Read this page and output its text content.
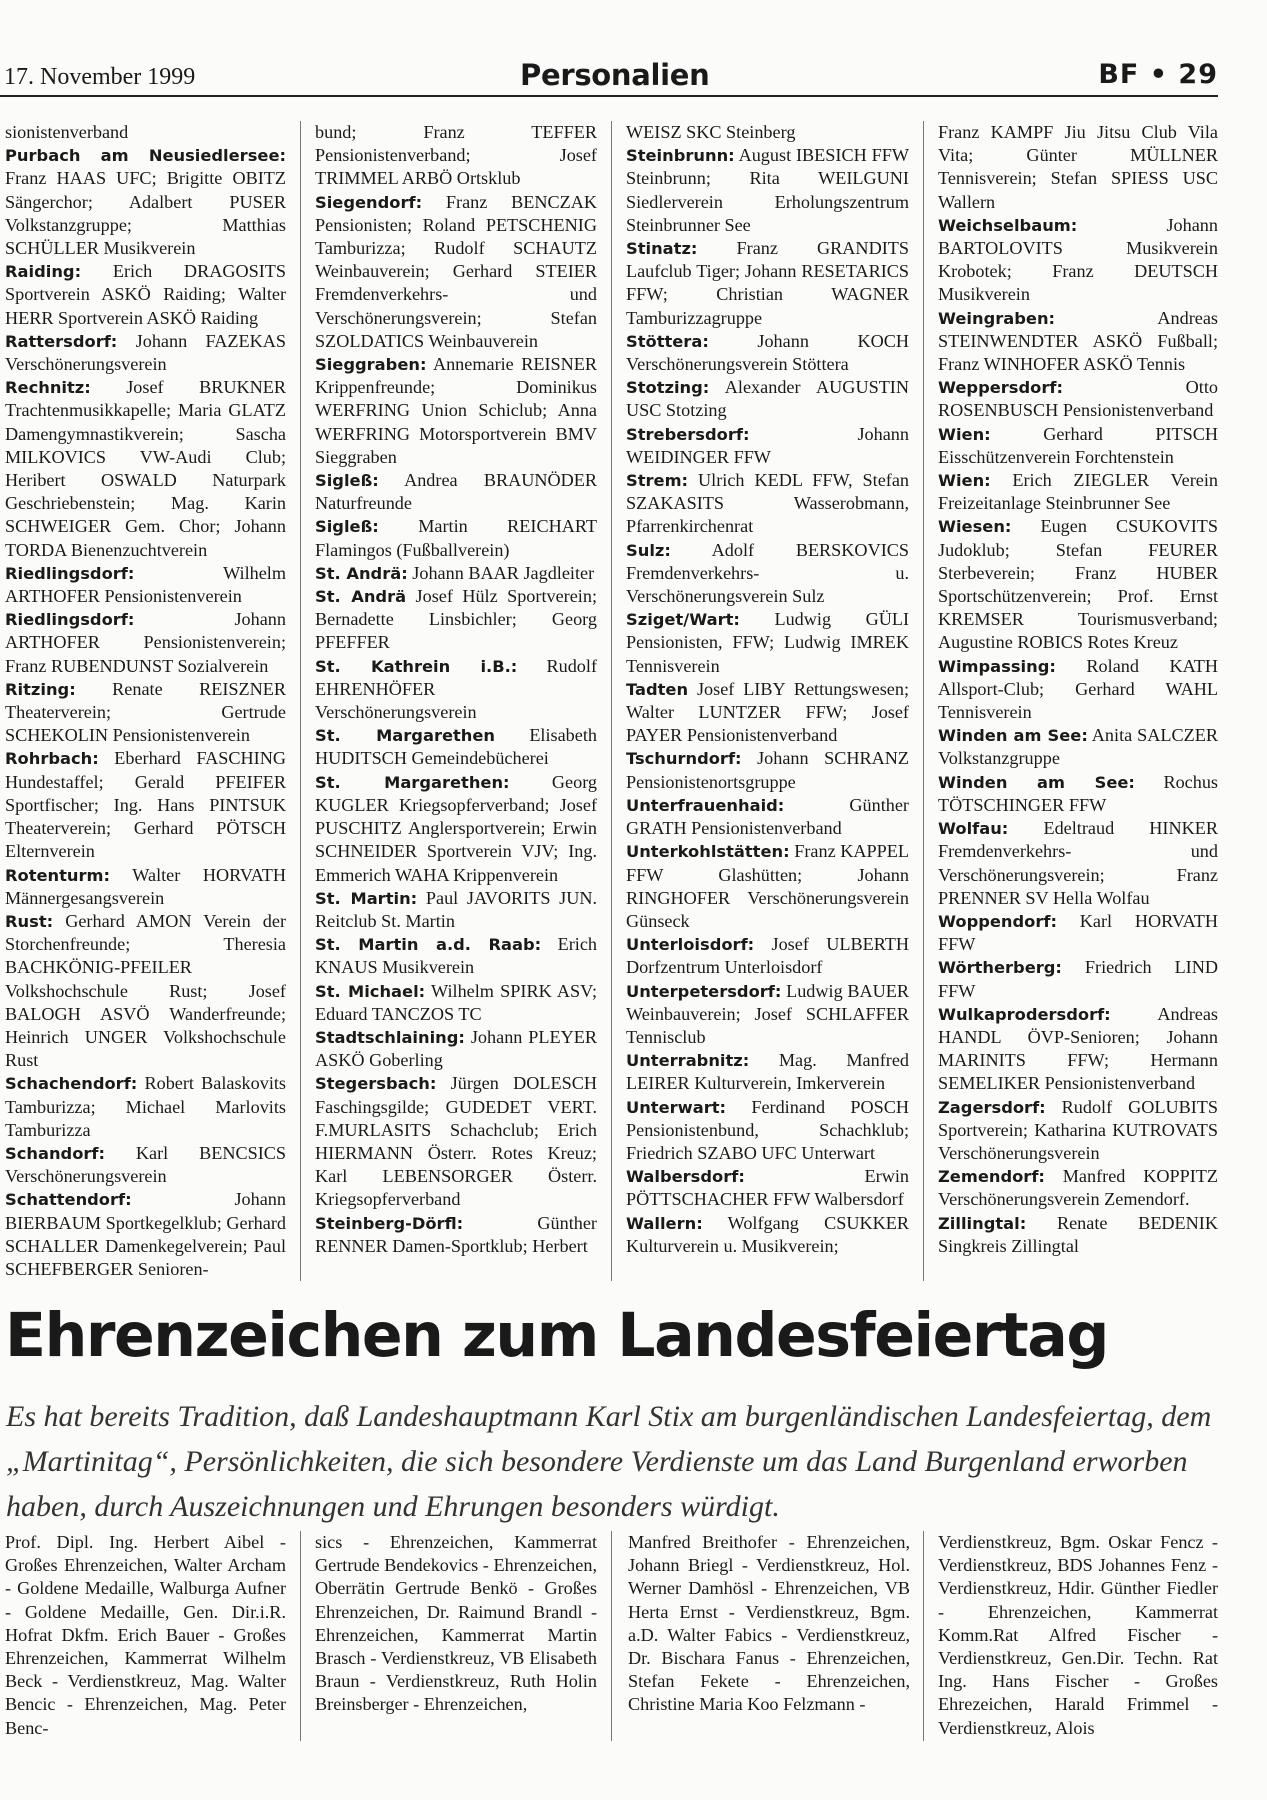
17. November 1999	Personalien	BF • 29

sionistenverband

Purbach am Neusiedlersee: Franz HAAS UFC; Brigitte OBITZ Sängerchor; Adalbert PUSER Volkstanzgruppe; Matthias SCHÜLLER Musikverein

Raiding: Erich DRAGOSITS Sportverein ASKÖ Raiding; Walter HERR Sportverein ASKÖ Raiding

Rattersdorf: Johann FAZEKAS Verschönerungsverein

Rechnitz: Josef BRUKNER Trachtenmusikkapelle; Maria GLATZ Damengymnastikverein; Sascha MILKOVICS VW-Audi Club; Heribert OSWALD Naturpark Geschriebenstein; Mag. Karin SCHWEIGER Gem. Chor; Johann TORDA Bienenzuchtverein

Riedlingsdorf:	Wilhelm ARTHOFER Pensionistenverein

Riedlingsdorf:	Johann ARTHOFER Pensionistenverein; Franz RUBENDUNST Sozialverein

Ritzing: Renate REISZNER Theaterverein; Gertrude SCHEKOLIN Pensionistenverein

Rohrbach: Eberhard FASCHING Hundestaffel; Gerald PFEIFER Sportfischer; Ing. Hans PINTSUK Theaterverein; Gerhard PÖTSCH Elternverein

Rotenturm: Walter HORVATH Männergesangsverein

Rust: Gerhard AMON Verein der Storchenfreunde; Theresia BACHKÖNIG-PFEILER Volkshochschule Rust; Josef BALOGH ASVÖ Wanderfreunde; Heinrich UNGER Volkshochschule Rust

Schachendorf: Robert Balaskovits Tamburizza; Michael Marlovits Tamburizza

Schandorf: Karl BENCSICS Verschönerungsverein

Schattendorf:	Johann BIERBAUM Sportkegelklub; Gerhard SCHALLER Damenkegelverein; Paul SCHEFBERGER Senioren-

bund; Franz TEFFER Pensionistenverband; Josef TRIMMEL ARBÖ Ortsklub

Siegendorf: Franz BENCZAK Pensionisten; Roland PETSCHENIG Tamburizza; Rudolf SCHAUTZ Weinbauverein; Gerhard STEIER Fremdenverkehrs- und Verschönerungsverein; Stefan SZOLDATICS Weinbauverein

Sieggraben: Annemarie REISNER Krippenfreunde; Dominikus WERFRING Union Schiclub; Anna WERFRING Motorsportverein BMV Sieggraben

Sigleß: Andrea BRAUNÖDER Naturfreunde

Sigleß: Martin REICHART Flamingos (Fußballverein)

St. Andrä: Johann BAAR Jagdleiter

St. Andrä Josef Hülz Sportverein; Bernadette Linsbichler; Georg PFEFFER

St. Kathrein i.B.: Rudolf EHRENHÖFER Verschönerungsverein

St. Margarethen Elisabeth HUDITSCH Gemeindebücherei

St. Margarethen: Georg KUGLER Kriegsopferverband; Josef PUSCHITZ Anglersportverein; Erwin SCHNEIDER Sportverein VJV; Ing. Emmerich WAHA Krippenverein

St. Martin: Paul JAVORITS JUN. Reitclub St. Martin

St. Martin a.d. Raab: Erich KNAUS Musikverein

St. Michael: Wilhelm SPIRK ASV; Eduard TANCZOS TC

Stadtschlaining: Johann PLEYER ASKÖ Goberling

Stegersbach: Jürgen DOLESCH Faschingsgilde; GUDEDET VERT. F.MURLASITS Schachclub; Erich HIERMANN Österr. Rotes Kreuz; Karl LEBENSORGER Österr. Kriegsopferverband

Steinberg-Dörfl:	Günther RENNER Damen-Sportklub; Herbert

WEISZ SKC Steinberg

Steinbrunn: August IBESICH FFW Steinbrunn; Rita WEILGUNI Siedlerverein Erholungszentrum Steinbrunner See

Stinatz: Franz GRANDITS Laufclub Tiger; Johann RESETARICS FFW; Christian WAGNER Tamburizzagruppe

Stöttera:	Johann KOCH Verschönerungsverein Stöttera

Stotzing: Alexander AUGUSTIN USC Stotzing

Strebersdorf:	Johann WEIDINGER FFW

Strem: Ulrich KEDL FFW, Stefan SZAKASITS Wasserobmann, Pfarrenkirchenrat

Sulz: Adolf BERSKOVICS Fremdenverkehrs- u. Verschönerungsverein Sulz

Sziget/Wart: Ludwig GÜLI Pensionisten, FFW; Ludwig IMREK Tennisverein

Tadten Josef LIBY Rettungswesen; Walter LUNTZER FFW; Josef PAYER Pensionistenverband

Tschurndorf: Johann SCHRANZ Pensionistenortsgruppe

Unterfrauenhaid:	Günther GRATH Pensionistenverband

Unterkohlstätten: Franz KAPPEL FFW Glashütten; Johann RINGHOFER Verschönerungsverein Günseck

Unterloisdorf: Josef ULBERTH Dorfzentrum Unterloisdorf

Unterpetersdorf: Ludwig BAUER Weinbauverein; Josef SCHLAFFER Tennisclub

Unterrabnitz: Mag. Manfred LEIRER Kulturverein, Imkerverein

Unterwart: Ferdinand POSCH Pensionistenbund, Schachklub; Friedrich SZABO UFC Unterwart

Walbersdorf:	Erwin PÖTTSCHACHER FFW Walbersdorf

Wallern: Wolfgang CSUKKER Kulturverein u. Musikverein;

Franz KAMPF Jiu Jitsu Club Vila Vita; Günter MÜLLNER Tennisverein; Stefan SPIESS USC Wallern

Weichselbaum:	Johann BARTOLOVITS Musikverein Krobotek; Franz DEUTSCH Musikverein

Weingraben:	Andreas STEINWENDTER ASKÖ Fußball; Franz WINHOFER ASKÖ Tennis

Weppersdorf:	Otto ROSENBUSCH Pensionistenverband

Wien:	Gerhard PITSCH Eisschützenverein Forchtenstein

Wien: Erich ZIEGLER Verein Freizeitanlage Steinbrunner See

Wiesen: Eugen CSUKOVITS Judoklub; Stefan FEURER Sterbeverein; Franz HUBER Sportschützenverein; Prof. Ernst KREMSER Tourismusverband; Augustine ROBICS Rotes Kreuz

Wimpassing: Roland KATH Allsport-Club; Gerhard WAHL Tennisverein

Winden am See: Anita SALCZER Volkstanzgruppe

Winden am See: Rochus TÖTSCHINGER FFW

Wolfau: Edeltraud HINKER Fremdenverkehrs- und Verschönerungsverein; Franz PRENNER SV Hella Wolfau

Woppendorf: Karl HORVATH FFW

Wörtherberg: Friedrich LIND FFW

Wulkaprodersdorf:	Andreas HANDL ÖVP-Senioren; Johann MARINITS FFW; Hermann SEMELIKER Pensionistenverband

Zagersdorf: Rudolf GOLUBITS Sportverein; Katharina KUTROVATS Verschönerungsverein

Zemendorf: Manfred KOPPITZ Verschönerungsverein Zemendorf.

Zillingtal: Renate BEDENIK Singkreis Zillingtal

Ehrenzeichen zum Landesfeiertag
Es hat bereits Tradition, daß Landeshauptmann Karl Stix am burgenländischen Landesfeiertag, dem „Martinitag“, Persönlichkeiten, die sich besondere Verdienste um das Land Burgenland erworben haben, durch Auszeichnungen und Ehrungen besonders würdigt.
Prof. Dipl. Ing. Herbert Aibel - Großes Ehrenzeichen, Walter Archam - Goldene Medaille, Walburga Aufner - Goldene Medaille, Gen. Dir.i.R. Hofrat Dkfm. Erich Bauer - Großes Ehrenzeichen, Kammerrat Wilhelm Beck - Verdienstkreuz, Mag. Walter Bencic - Ehrenzeichen, Mag. Peter Benc-
sics - Ehrenzeichen, Kammerrat Gertrude Bendekovics - Ehrenzeichen, Oberrätin Gertrude Benkö - Großes Ehrenzeichen, Dr. Raimund Brandl - Ehrenzeichen, Kammerrat Martin Brasch - Verdienstkreuz, VB Elisabeth Braun - Verdienstkreuz, Ruth Holin Breinsberger - Ehrenzeichen,
Manfred Breithofer - Ehrenzeichen, Johann Briegl - Verdienstkreuz, Hol. Werner Damhösl - Ehrenzeichen, VB Herta Ernst - Verdienstkreuz, Bgm. a.D. Walter Fabics - Verdienstkreuz, Dr. Bischara Fanus - Ehrenzeichen, Stefan Fekete - Ehrenzeichen, Christine Maria Koo Felzmann -
Verdienstkreuz, Bgm. Oskar Fencz - Verdienstkreuz, BDS Johannes Fenz - Verdienstkreuz, Hdir. Günther Fiedler - Ehrenzeichen, Kammerrat Komm.Rat Alfred Fischer - Verdienstkreuz, Gen.Dir. Techn. Rat Ing. Hans Fischer - Großes Ehrezeichen, Harald Frimmel - Verdienstkreuz, Alois
